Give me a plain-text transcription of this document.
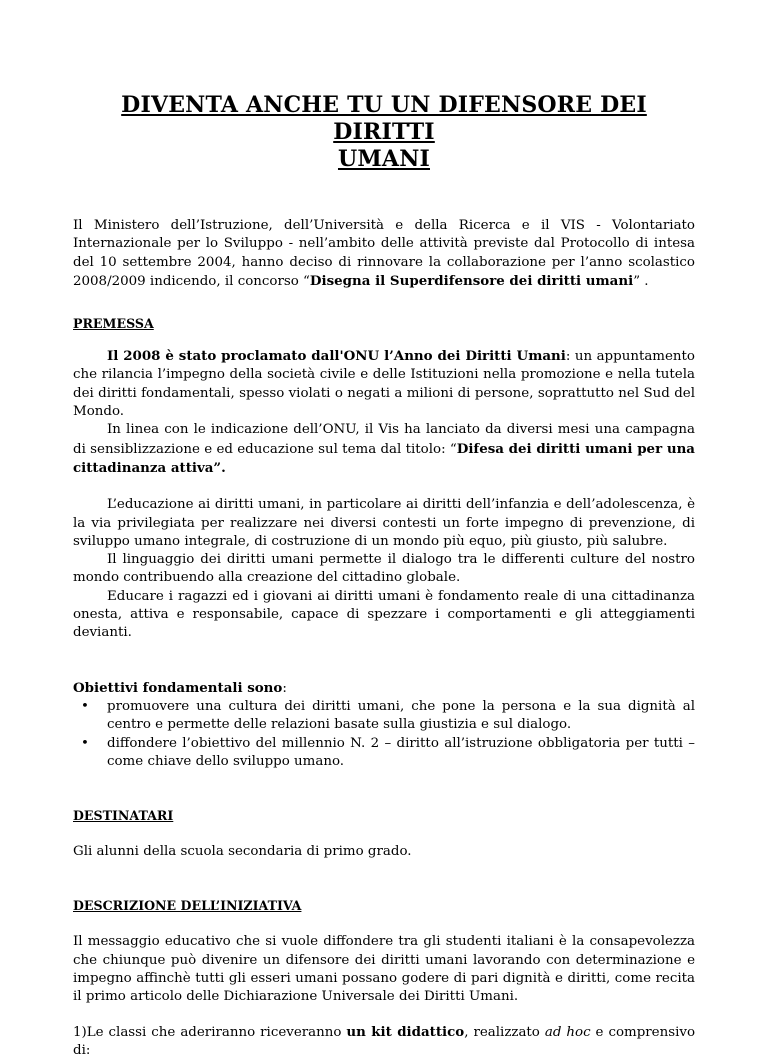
DIVENTA ANCHE TU UN DIFENSORE DEI DIRITTI
UMANI

Il Ministero dell’Istruzione, dell’Università e della Ricerca e il VIS - Volontariato Internazionale per lo Sviluppo - nell’ambito delle attività previste dal Protocollo di intesa del 10 settembre 2004, hanno deciso di rinnovare la collaborazione per l’anno scolastico 2008/2009 indicendo, il concorso “Disegna il Superdifensore dei diritti umani” .

PREMESSA

Il 2008 è stato proclamato dall'ONU l’Anno dei Diritti Umani: un appuntamento che rilancia l’impegno della società civile e delle Istituzioni nella promozione e nella tutela dei diritti fondamentali, spesso violati o negati a milioni di persone, soprattutto nel Sud del Mondo.

In linea con le indicazione dell’ONU, il Vis ha lanciato da diversi mesi una campagna di sensiblizzazione e ed educazione sul tema dal titolo: “Difesa dei diritti umani per una cittadinanza attiva”.

L’educazione ai diritti umani, in particolare ai diritti dell’infanzia e dell’adolescenza, è la via privilegiata per realizzare nei diversi contesti un forte impegno di prevenzione, di sviluppo umano integrale, di costruzione di un mondo più equo, più giusto, più salubre.

Il linguaggio dei diritti umani permette il dialogo tra le differenti culture del nostro mondo contribuendo alla creazione del cittadino globale.

Educare i ragazzi ed i giovani ai diritti umani è fondamento reale di una cittadinanza onesta, attiva e responsabile, capace di spezzare i comportamenti e gli atteggiamenti devianti.

Obiettivi fondamentali sono:

• promuovere una cultura dei diritti umani, che pone la persona e la sua dignità al centro e permette delle relazioni basate sulla giustizia e sul dialogo.
• diffondere l’obiettivo del millennio N. 2 – diritto all’istruzione obbligatoria per tutti – come chiave dello sviluppo umano.
DESTINATARI

Gli alunni della scuola secondaria di primo grado.

DESCRIZIONE DELL’INIZIATIVA

Il messaggio educativo che si vuole diffondere tra gli studenti italiani è la consapevolezza che chiunque può divenire un difensore dei diritti umani lavorando con determinazione e impegno affinchè tutti gli esseri umani possano godere di pari dignità e diritti, come recita il primo articolo delle Dichiarazione Universale dei Diritti Umani.

1)Le classi che aderiranno riceveranno un kit didattico, realizzato ad hoc e comprensivo di:
